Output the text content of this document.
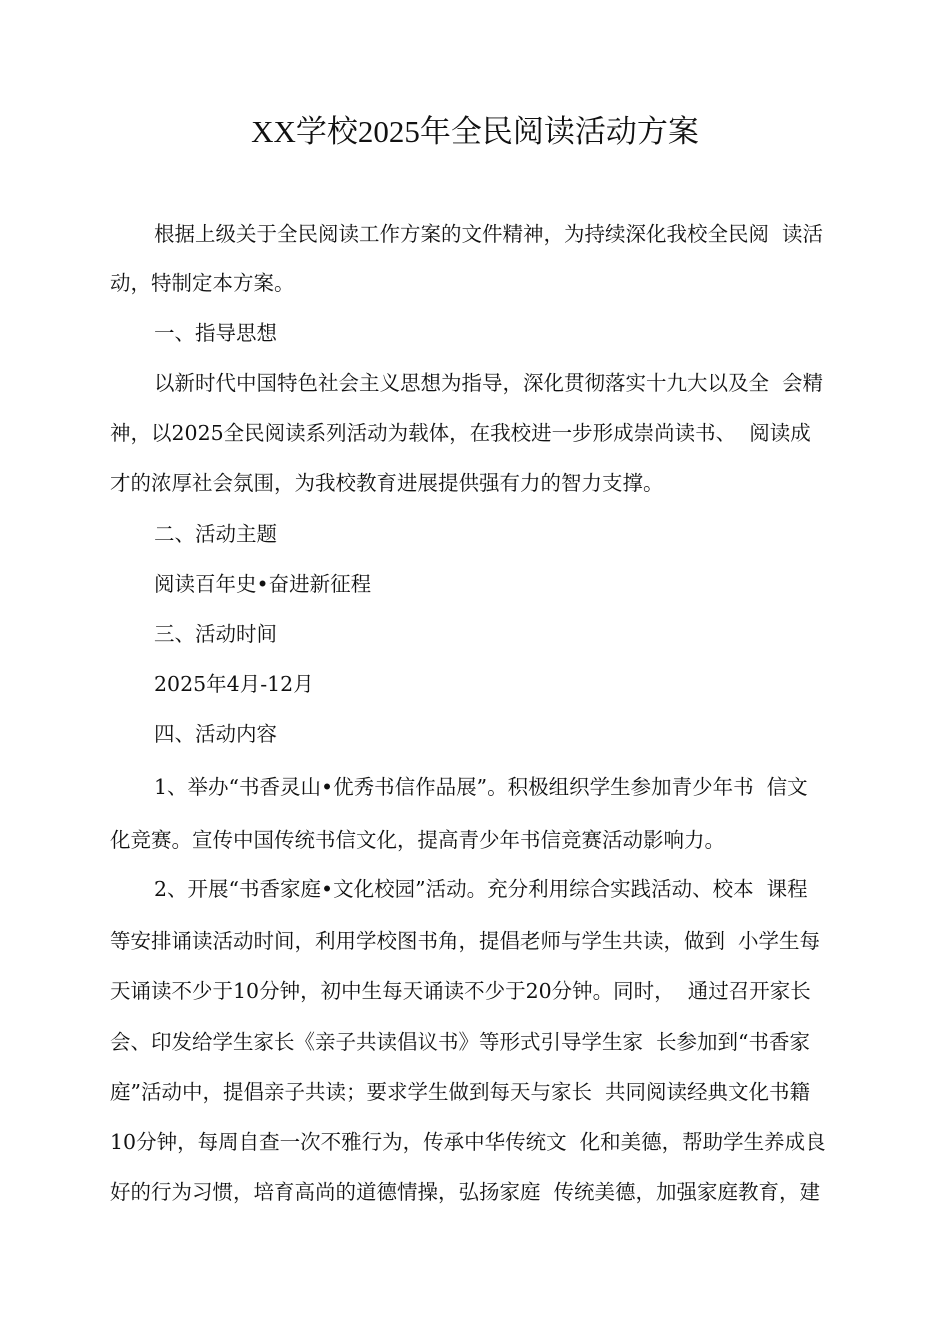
XX学校2025年全民阅读活动方案
根据上级关于全民阅读工作方案的文件精神，为持续深化我校全民阅  读活
动，特制定本方案。
一、指导思想
以新时代中国特色社会主义思想为指导，深化贯彻落实十九大以及全  会精
神，以2025全民阅读系列活动为载体，在我校进一步形成崇尚读书、  阅读成
才的浓厚社会氛围，为我校教育进展提供强有力的智力支撑。
二、活动主题
阅读百年史•奋进新征程
三、活动时间
2025年4月-12月
四、活动内容
1、举办“书香灵山•优秀书信作品展”。积极组织学生参加青少年书  信文
化竞赛。宣传中国传统书信文化，提高青少年书信竞赛活动影响力。
2、开展“书香家庭•文化校园”活动。充分利用综合实践活动、校本  课程
等安排诵读活动时间，利用学校图书角，提倡老师与学生共读，做到  小学生每
天诵读不少于10分钟，初中生每天诵读不少于20分钟。同时，  通过召开家长
会、印发给学生家长《亲子共读倡议书》等形式引导学生家  长参加到“书香家
庭”活动中，提倡亲子共读；要求学生做到每天与家长  共同阅读经典文化书籍
10分钟，每周自查一次不雅行为，传承中华传统文  化和美德，帮助学生养成良
好的行为习惯，培育高尚的道德情操，弘扬家庭  传统美德，加强家庭教育，建
